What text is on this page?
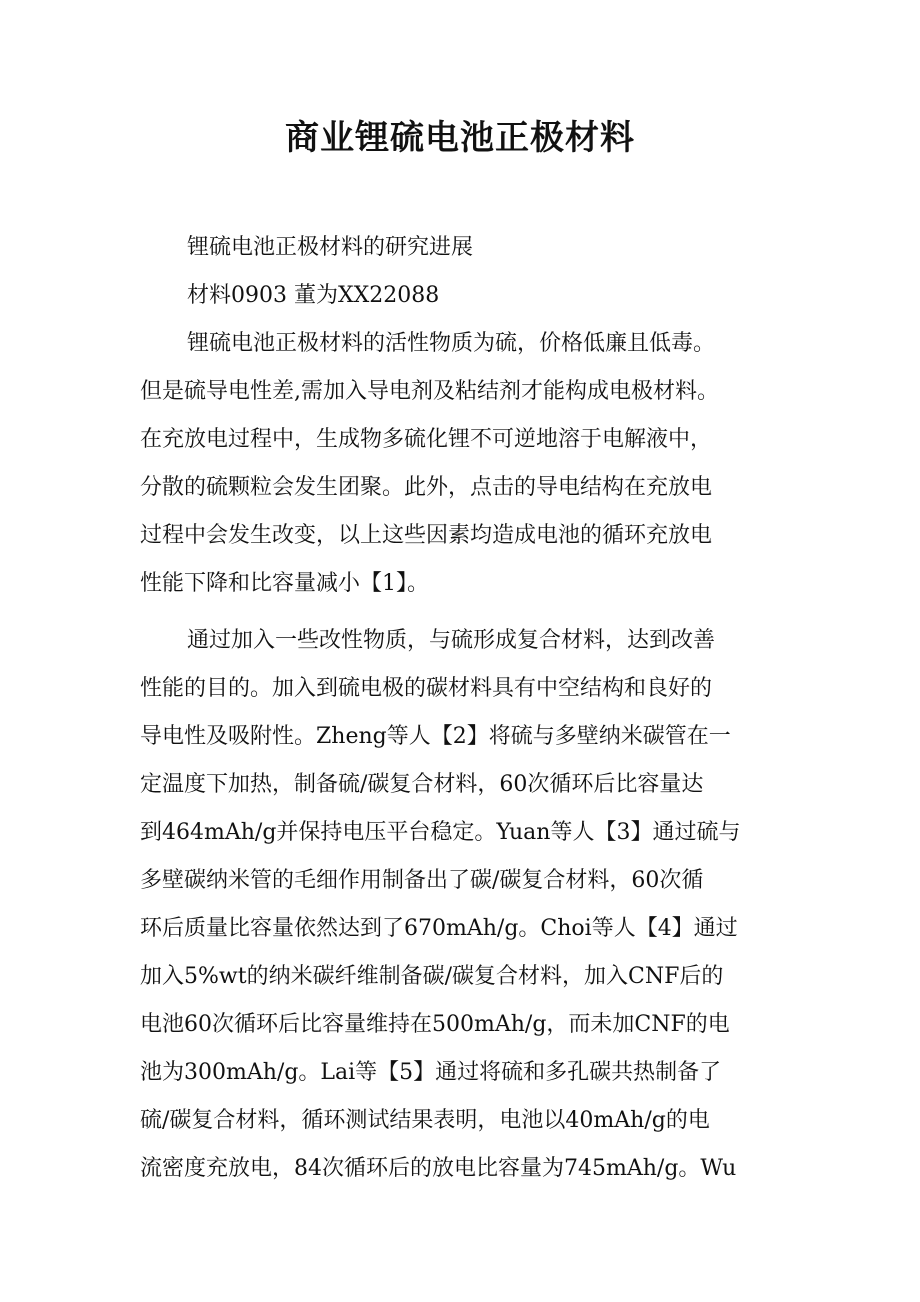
商业锂硫电池正极材料
锂硫电池正极材料的研究进展
材料0903 董为XX22088
锂硫电池正极材料的活性物质为硫，价格低廉且低毒。
但是硫导电性差,需加入导电剂及粘结剂才能构成电极材料。
在充放电过程中，生成物多硫化锂不可逆地溶于电解液中，
分散的硫颗粒会发生团聚。此外，点击的导电结构在充放电
过程中会发生改变，以上这些因素均造成电池的循环充放电
性能下降和比容量减小【1】。
通过加入一些改性物质，与硫形成复合材料，达到改善
性能的目的。加入到硫电极的碳材料具有中空结构和良好的
导电性及吸附性。Zheng等人【2】将硫与多壁纳米碳管在一
定温度下加热，制备硫/碳复合材料，60次循环后比容量达
到464mAh/g并保持电压平台稳定。Yuan等人【3】通过硫与
多壁碳纳米管的毛细作用制备出了碳/碳复合材料，60次循
环后质量比容量依然达到了670mAh/g。Choi等人【4】通过
加入5%wt的纳米碳纤维制备碳/碳复合材料，加入CNF后的
电池60次循环后比容量维持在500mAh/g，而未加CNF的电
池为300mAh/g。Lai等【5】通过将硫和多孔碳共热制备了
硫/碳复合材料，循环测试结果表明，电池以40mAh/g的电
流密度充放电，84次循环后的放电比容量为745mAh/g。Wu
